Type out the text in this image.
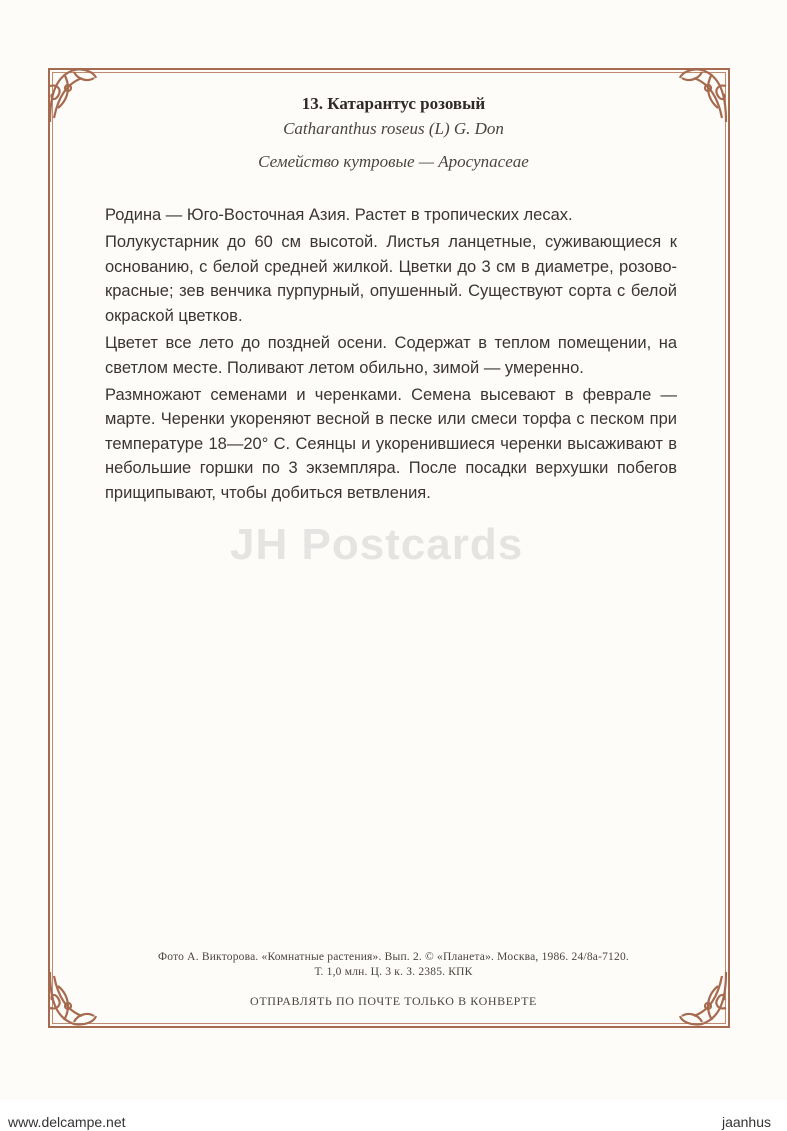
13. Катарантус розовый
Catharanthus roseus (L) G. Don
Семейство кутровые — Apocynaceae

Родина — Юго-Восточная Азия. Растет в тропических лесах.

Полукустарник до 60 см высотой. Листья ланцетные, суживающиеся к основанию, с белой средней жилкой. Цветки до 3 см в диаметре, розово-красные; зев венчика пурпурный, опушенный. Существуют сорта с белой окраской цветков.

Цветет все лето до поздней осени. Содержат в теплом помещении, на светлом месте. Поливают летом обильно, зимой — умеренно.

Размножают семенами и черенками. Семена высевают в феврале — марте. Черенки укореняют весной в песке или смеси торфа с песком при температуре 18—20° С. Сеянцы и укоренившиеся черенки высаживают в небольшие горшки по 3 экземпляра. После посадки верхушки побегов прищипывают, чтобы добиться ветвления.

JH Postcards
Фото А. Викторова. «Комнатные растения». Вып. 2. © «Планета». Москва, 1986. 24/8а-7120.
Т. 1,0 млн. Ц. 3 к. З. 2385. КПК
ОТПРАВЛЯТЬ ПО ПОЧТЕ ТОЛЬКО В КОНВЕРТЕ
www.delcampe.net	jaanhus
